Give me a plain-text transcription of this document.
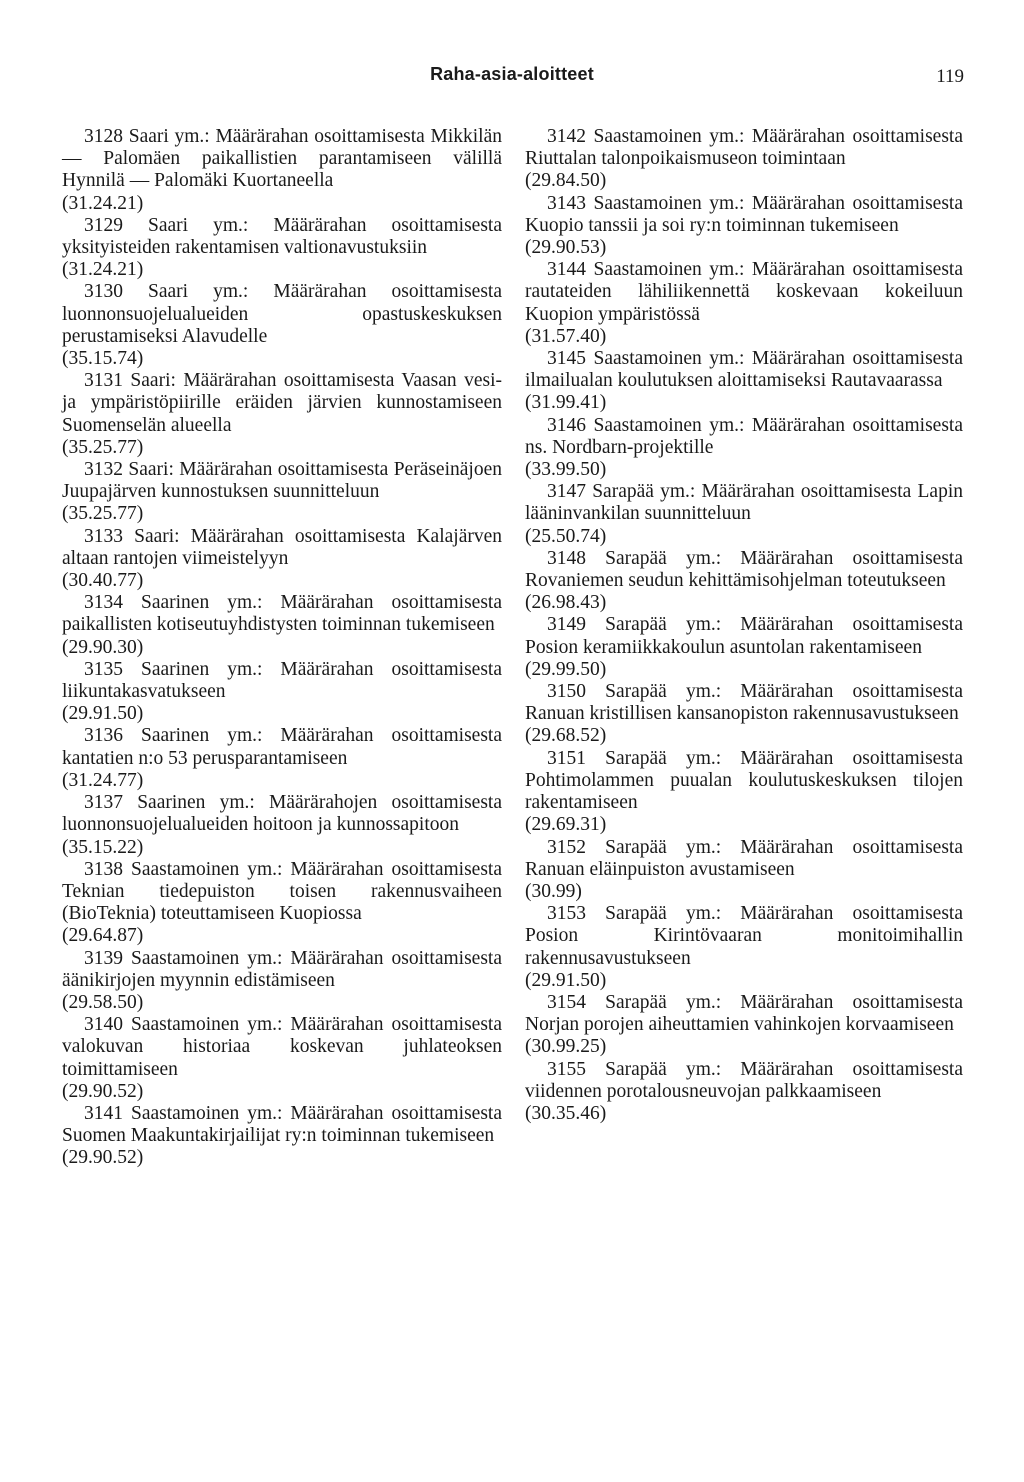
Raha-asia-aloitteet	119
3128 Saari ym.: Määrärahan osoittamisesta Mikkilän — Palomäen paikallistien parantamiseen välillä Hynnilä — Palomäki Kuortaneella
(31.24.21)
3129 Saari ym.: Määrärahan osoittamisesta yksityisteiden rakentamisen valtionavustuksiin
(31.24.21)
3130 Saari ym.: Määrärahan osoittamisesta luonnonsuojelualueiden opastuskeskuksen perustamiseksi Alavudelle
(35.15.74)
3131 Saari: Määrärahan osoittamisesta Vaasan vesi- ja ympäristöpiirille eräiden järvien kunnostamiseen Suomenselän alueella
(35.25.77)
3132 Saari: Määrärahan osoittamisesta Peräseinäjoen Juupajärven kunnostuksen suunnitteluun
(35.25.77)
3133 Saari: Määrärahan osoittamisesta Kalajärven altaan rantojen viimeistelyyn
(30.40.77)
3134 Saarinen ym.: Määrärahan osoittamisesta paikallisten kotiseutuyhdistysten toiminnan tukemiseen
(29.90.30)
3135 Saarinen ym.: Määrärahan osoittamisesta liikuntakasvatukseen
(29.91.50)
3136 Saarinen ym.: Määrärahan osoittamisesta kantatien n:o 53 perusparantamiseen
(31.24.77)
3137 Saarinen ym.: Määrärahojen osoittamisesta luonnonsuojelualueiden hoitoon ja kunnossapitoon
(35.15.22)
3138 Saastamoinen ym.: Määrärahan osoittamisesta Teknian tiedepuiston toisen rakennusvaiheen (BioTeknia) toteuttamiseen Kuopiossa
(29.64.87)
3139 Saastamoinen ym.: Määrärahan osoittamisesta äänikirjojen myynnin edistämiseen
(29.58.50)
3140 Saastamoinen ym.: Määrärahan osoittamisesta valokuvan historiaa koskevan juhlateoksen toimittamiseen
(29.90.52)
3141 Saastamoinen ym.: Määrärahan osoittamisesta Suomen Maakuntakirjailijat ry:n toiminnan tukemiseen
(29.90.52)
3142 Saastamoinen ym.: Määrärahan osoittamisesta Riuttalan talonpoikaismuseon toimintaan
(29.84.50)
3143 Saastamoinen ym.: Määrärahan osoittamisesta Kuopio tanssii ja soi ry:n toiminnan tukemiseen
(29.90.53)
3144 Saastamoinen ym.: Määrärahan osoittamisesta rautateiden lähiliikennettä koskevaan kokeiluun Kuopion ympäristössä
(31.57.40)
3145 Saastamoinen ym.: Määrärahan osoittamisesta ilmailualan koulutuksen aloittamiseksi Rautavaarassa
(31.99.41)
3146 Saastamoinen ym.: Määrärahan osoittamisesta ns. Nordbarn-projektille
(33.99.50)
3147 Sarapää ym.: Määrärahan osoittamisesta Lapin lääninvankilan suunnitteluun
(25.50.74)
3148 Sarapää ym.: Määrärahan osoittamisesta Rovaniemen seudun kehittämisohjelman toteutukseen
(26.98.43)
3149 Sarapää ym.: Määrärahan osoittamisesta Posion keramiikkakoulun asuntolan rakentamiseen
(29.99.50)
3150 Sarapää ym.: Määrärahan osoittamisesta Ranuan kristillisen kansanopiston rakennusavustukseen
(29.68.52)
3151 Sarapää ym.: Määrärahan osoittamisesta Pohtimolammen puualan koulutuskeskuksen tilojen rakentamiseen
(29.69.31)
3152 Sarapää ym.: Määrärahan osoittamisesta Ranuan eläinpuiston avustamiseen
(30.99)
3153 Sarapää ym.: Määrärahan osoittamisesta Posion Kirintövaaran monitoimihallin rakennusavustukseen
(29.91.50)
3154 Sarapää ym.: Määrärahan osoittamisesta Norjan porojen aiheuttamien vahinkojen korvaamiseen
(30.99.25)
3155 Sarapää ym.: Määrärahan osoittamisesta viidennen porotalousneuvojan palkkaamiseen
(30.35.46)
